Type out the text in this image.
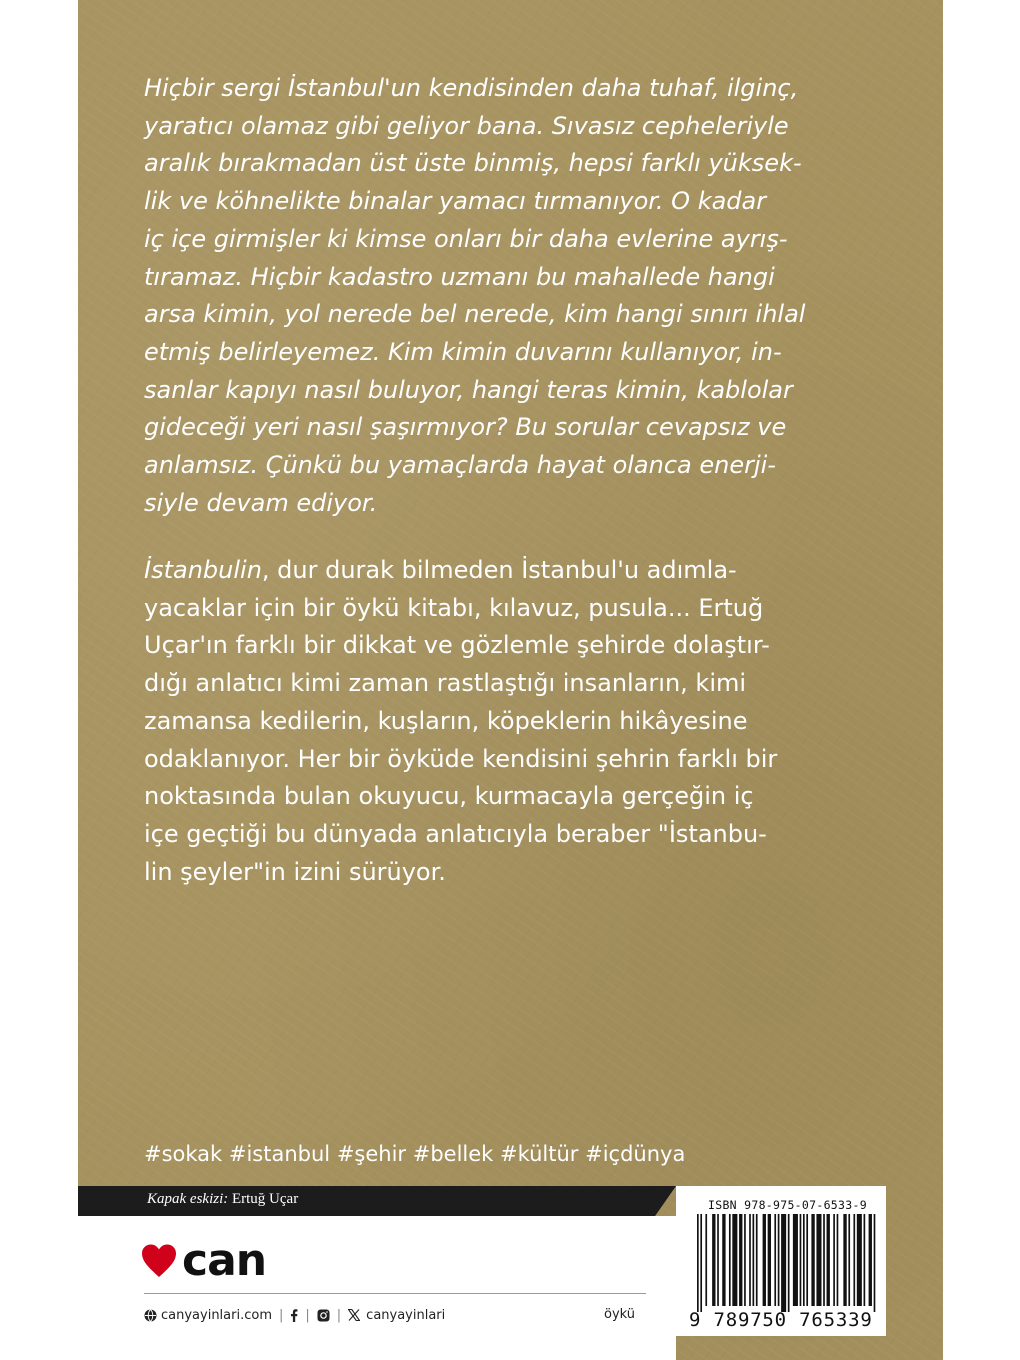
Hiçbir sergi İstanbul'un kendisinden daha tuhaf, ilginç,
yaratıcı olamaz gibi geliyor bana. Sıvasız cepheleriyle
aralık bırakmadan üst üste binmiş, hepsi farklı yüksek-
lik ve köhnelikte binalar yamacı tırmanıyor. O kadar
iç içe girmişler ki kimse onları bir daha evlerine ayrış-
tıramaz. Hiçbir kadastro uzmanı bu mahallede hangi
arsa kimin, yol nerede bel nerede, kim hangi sınırı ihlal
etmiş belirleyemez. Kim kimin duvarını kullanıyor, in-
sanlar kapıyı nasıl buluyor, hangi teras kimin, kablolar
gideceği yeri nasıl şaşırmıyor? Bu sorular cevapsız ve
anlamsız. Çünkü bu yamaçlarda hayat olanca enerji-
siyle devam ediyor.
İstanbulin, dur durak bilmeden İstanbul'u adımla-
yacaklar için bir öykü kitabı, kılavuz, pusula... Ertuğ
Uçar'ın farklı bir dikkat ve gözlemle şehirde dolaştır-
dığı anlatıcı kimi zaman rastlaştığı insanların, kimi
zamansa kedilerin, kuşların, köpeklerin hikâyesine
odaklanıyor. Her bir öyküde kendisini şehrin farklı bir
noktasında bulan okuyucu, kurmacayla gerçeğin iç
içe geçtiği bu dünyada anlatıcıyla beraber "İstanbu-
lin şeyler"in izini sürüyor.
#sokak #istanbul #şehir #bellek #kültür #içdünya
Kapak eskizi: Ertuğ Uçar
can
canyayinlari.com | | | canyayinlari	öykü
ISBN 978-975-07-6533-9
9 789750 765339
